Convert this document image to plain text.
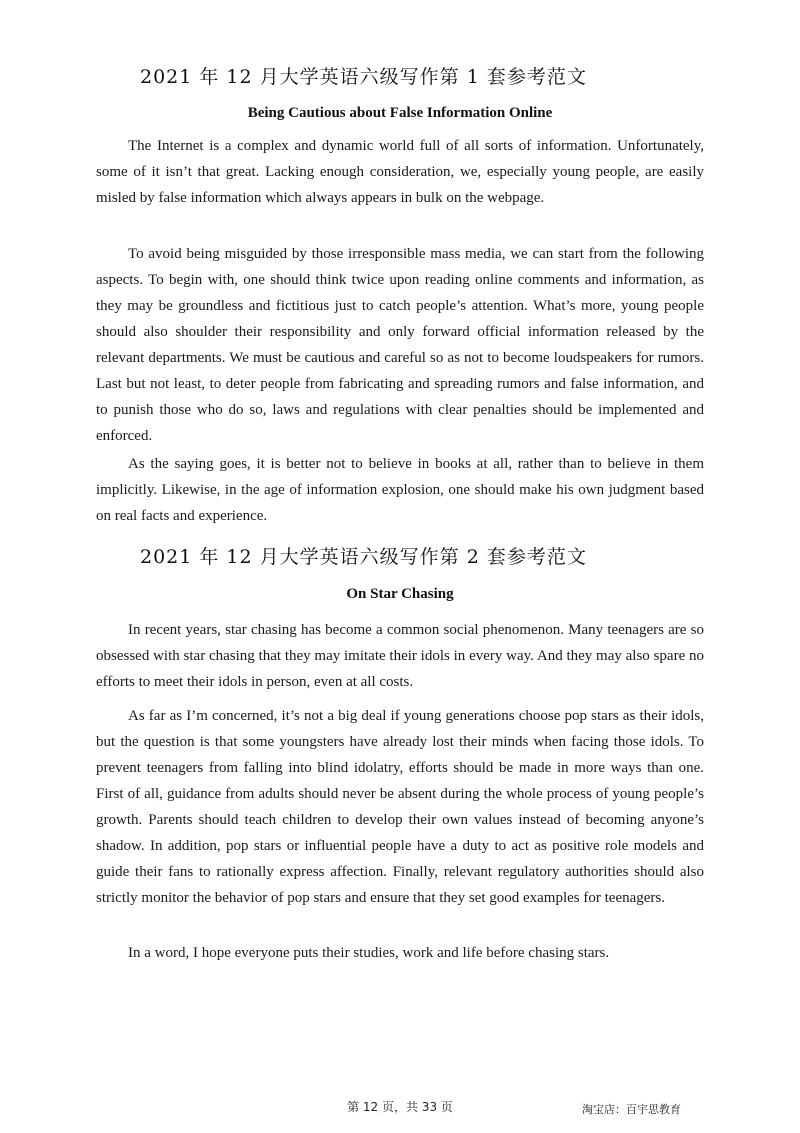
2021 年 12 月大学英语六级写作第 1 套参考范文
Being Cautious about False Information Online

The Internet is a complex and dynamic world full of all sorts of information. Unfortunately, some of it isn’t that great. Lacking enough consideration, we, especially young people, are easily misled by false information which always appears in bulk on the webpage.

To avoid being misguided by those irresponsible mass media, we can start from the following aspects. To begin with, one should think twice upon reading online comments and information, as they may be groundless and fictitious just to catch people’s attention. What’s more, young people should also shoulder their responsibility and only forward official information released by the relevant departments. We must be cautious and careful so as not to become loudspeakers for rumors. Last but not least, to deter people from fabricating and spreading rumors and false information, and to punish those who do so, laws and regulations with clear penalties should be implemented and enforced.

As the saying goes, it is better not to believe in books at all, rather than to believe in them implicitly. Likewise, in the age of information explosion, one should make his own judgment based on real facts and experience.

2021 年 12 月大学英语六级写作第 2 套参考范文
On Star Chasing

In recent years, star chasing has become a common social phenomenon. Many teenagers are so obsessed with star chasing that they may imitate their idols in every way. And they may also spare no efforts to meet their idols in person, even at all costs.

As far as I’m concerned, it’s not a big deal if young generations choose pop stars as their idols, but the question is that some youngsters have already lost their minds when facing those idols. To prevent teenagers from falling into blind idolatry, efforts should be made in more ways than one. First of all, guidance from adults should never be absent during the whole process of young people’s growth. Parents should teach children to develop their own values instead of becoming anyone’s shadow. In addition, pop stars or influential people have a duty to act as positive role models and guide their fans to rationally express affection. Finally, relevant regulatory authorities should also strictly monitor the behavior of pop stars and ensure that they set good examples for teenagers.

In a word, I hope everyone puts their studies, work and life before chasing stars.

第 12 页，共 33 页	淘宝店：百宇思教育
